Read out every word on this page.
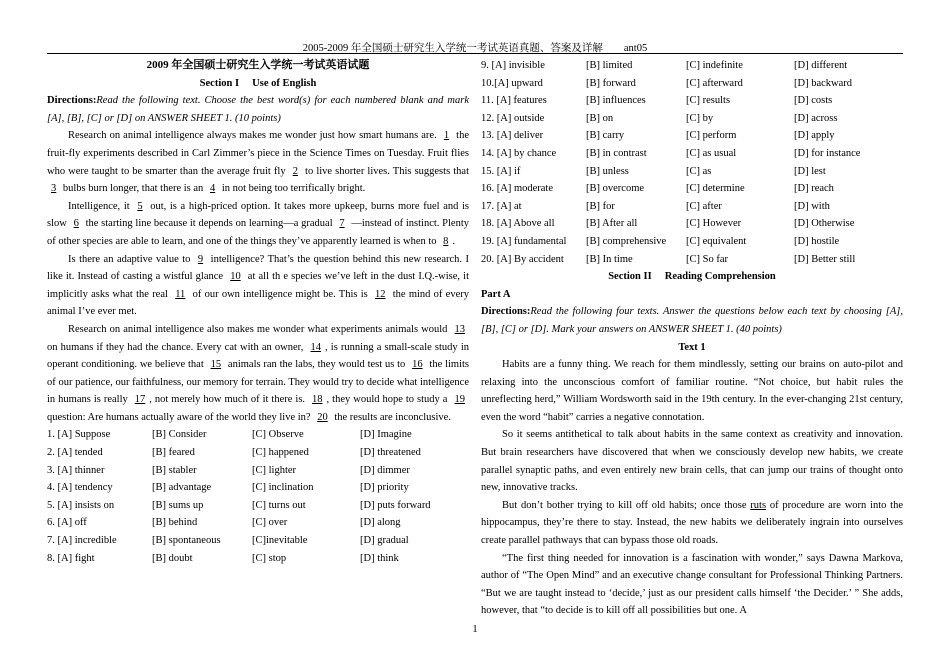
2005-2009 年全国硕士研究生入学统一考试英语真题、答案及详解　　ant05
2009 年全国硕士研究生入学统一考试英语试题
Section I　 Use of English
Directions:Read the following text. Choose the best word(s) for each numbered blank and mark [A], [B], [C] or [D] on ANSWER SHEET 1. (10 points)
Research on animal intelligence always makes me wonder just how smart humans are. 1 the fruit-fly experiments described in Carl Zimmer’s piece in the Science Times on Tuesday. Fruit flies who were taught to be smarter than the average fruit fly 2 to live shorter lives. This suggests that 3 bulbs burn longer, that there is an 4 in not being too terrifically bright.
Intelligence, it 5 out, is a high-priced option. It takes more upkeep, burns more fuel and is slow 6 the starting line because it depends on learning—a gradual 7 —instead of instinct. Plenty of other species are able to learn, and one of the things they’ve apparently learned is when to 8 .
Is there an adaptive value to 9 intelligence? That’s the question behind this new research. I like it. Instead of casting a wistful glance 10 at all th e species we’ve left in the dust I.Q.-wise, it implicitly asks what the real 11 of our own intelligence might be. This is 12 the mind of every animal I’ve ever met.
Research on animal intelligence also makes me wonder what experiments animals would 13 on humans if they had the chance. Every cat with an owner, 14 , is running a small-scale study in operant conditioning. we believe that 15 animals ran the labs, they would test us to 16 the limits of our patience, our faithfulness, our memory for terrain. They would try to decide what intelligence in humans is really 17 , not merely how much of it there is. 18 , they would hope to study a 19 question: Are humans actually aware of the world they live in? 20 the results are inconclusive.
1. [A] Suppose	[B] Consider	[C] Observe	[D] Imagine
2. [A] tended	[B] feared	[C] happened	[D] threatened
3. [A] thinner	[B] stabler	[C] lighter	[D] dimmer
4. [A] tendency	[B] advantage	[C] inclination	[D] priority
5. [A] insists on	[B] sums up	[C] turns out	[D] puts forward
6. [A] off	[B] behind	[C] over	[D] along
7. [A] incredible	[B] spontaneous	[C]inevitable	[D] gradual
8. [A] fight	[B] doubt	[C] stop	[D] think
9. [A] invisible	[B] limited	[C] indefinite	[D] different
10.[A] upward	[B] forward	[C] afterward	[D] backward
11. [A] features	[B] influences	[C] results	[D] costs
12. [A] outside	[B] on	[C] by	[D] across
13. [A] deliver	[B] carry	[C] perform	[D] apply
14. [A] by chance	[B] in contrast	[C] as usual	[D] for instance
15. [A] if	[B] unless	[C] as	[D] lest
16. [A] moderate	[B] overcome	[C] determine	[D] reach
17. [A] at	[B] for	[C] after	[D] with
18. [A] Above all	[B] After all	[C] However	[D] Otherwise
19. [A] fundamental	[B] comprehensive	[C] equivalent	[D] hostile
20. [A] By accident	[B] In time	[C] So far	[D] Better still
Section II　 Reading Comprehension
Part A
Directions:Read the following four texts. Answer the questions below each text by choosing [A], [B], [C] or [D]. Mark your answers on ANSWER SHEET 1. (40 points)
Text 1
Habits are a funny thing. We reach for them mindlessly, setting our brains on auto-pilot and relaxing into the unconscious comfort of familiar routine. “Not choice, but habit rules the unreflecting herd,” William Wordsworth said in the 19th century. In the ever-changing 21st century, even the word “habit” carries a negative connotation.
So it seems antithetical to talk about habits in the same context as creativity and innovation. But brain researchers have discovered that when we consciously develop new habits, we create parallel synaptic paths, and even entirely new brain cells, that can jump our trains of thought onto new, innovative tracks.
But don’t bother trying to kill off old habits; once those ruts of procedure are worn into the hippocampus, they’re there to stay. Instead, the new habits we deliberately ingrain into ourselves create parallel pathways that can bypass those old roads.
“The first thing needed for innovation is a fascination with wonder,” says Dawna Markova, author of “The Open Mind” and an executive change consultant for Professional Thinking Partners. “But we are taught instead to ‘decide,’ just as our president calls himself ‘the Decider.’ ” She adds, however, that “to decide is to kill off all possibilities but one. A
1
